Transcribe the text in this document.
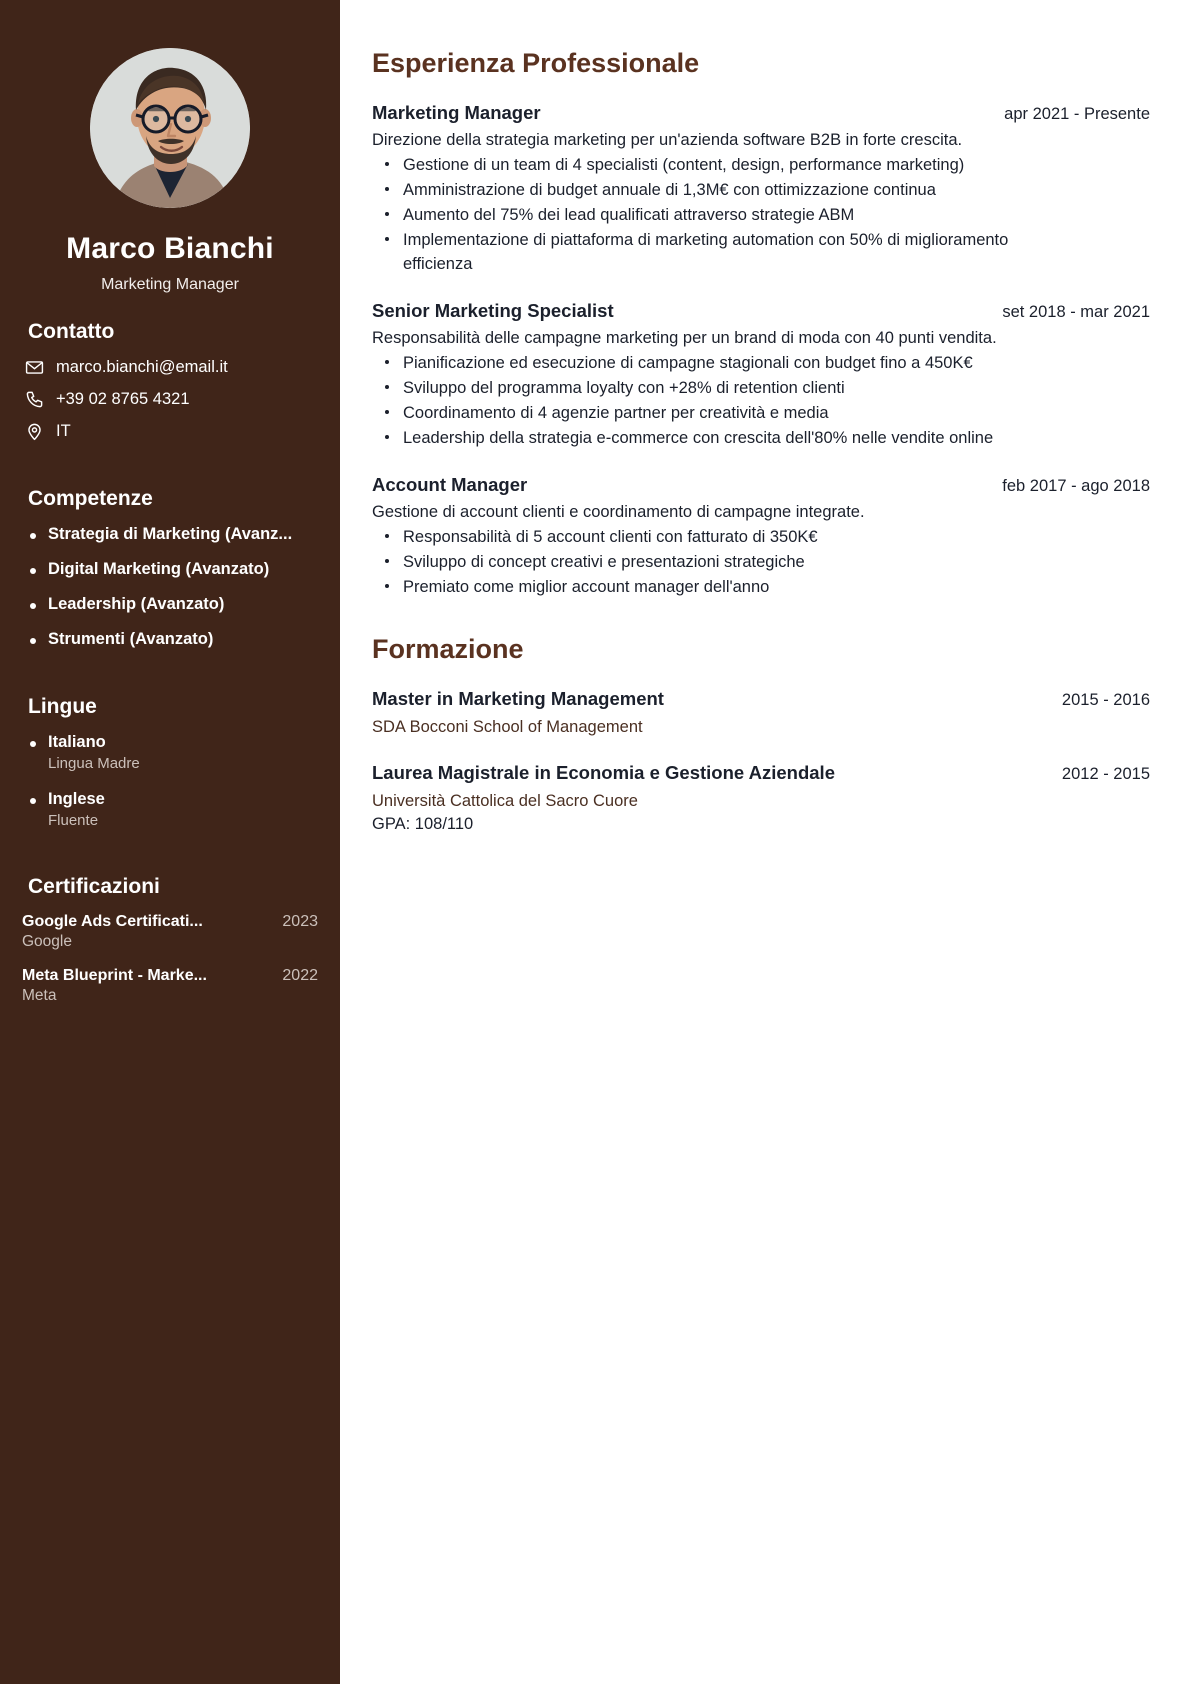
Marco Bianchi
Marketing Manager
Contatto
marco.bianchi@email.it
+39 02 8765 4321
IT
Competenze
Strategia di Marketing (Avanz...
Digital Marketing (Avanzato)
Leadership (Avanzato)
Strumenti (Avanzato)
Lingue
Italiano
Lingua Madre
Inglese
Fluente
Certificazioni
Google Ads Certificati...	2023
Google
Meta Blueprint - Marke...	2022
Meta
Esperienza Professionale
Marketing Manager	apr 2021 - Presente

Direzione della strategia marketing per un'azienda software B2B in forte crescita.

Gestione di un team di 4 specialisti (content, design, performance marketing)
Amministrazione di budget annuale di 1,3M€ con ottimizzazione continua
Aumento del 75% dei lead qualificati attraverso strategie ABM
Implementazione di piattaforma di marketing automation con 50% di miglioramento efficienza
Senior Marketing Specialist	set 2018 - mar 2021

Responsabilità delle campagne marketing per un brand di moda con 40 punti vendita.

Pianificazione ed esecuzione di campagne stagionali con budget fino a 450K€
Sviluppo del programma loyalty con +28% di retention clienti
Coordinamento di 4 agenzie partner per creatività e media
Leadership della strategia e-commerce con crescita dell'80% nelle vendite online
Account Manager	feb 2017 - ago 2018

Gestione di account clienti e coordinamento di campagne integrate.

Responsabilità di 5 account clienti con fatturato di 350K€
Sviluppo di concept creativi e presentazioni strategiche
Premiato come miglior account manager dell'anno
Formazione
Master in Marketing Management	2015 - 2016
SDA Bocconi School of Management
Laurea Magistrale in Economia e Gestione Aziendale	2012 - 2015
Università Cattolica del Sacro Cuore
GPA: 108/110
